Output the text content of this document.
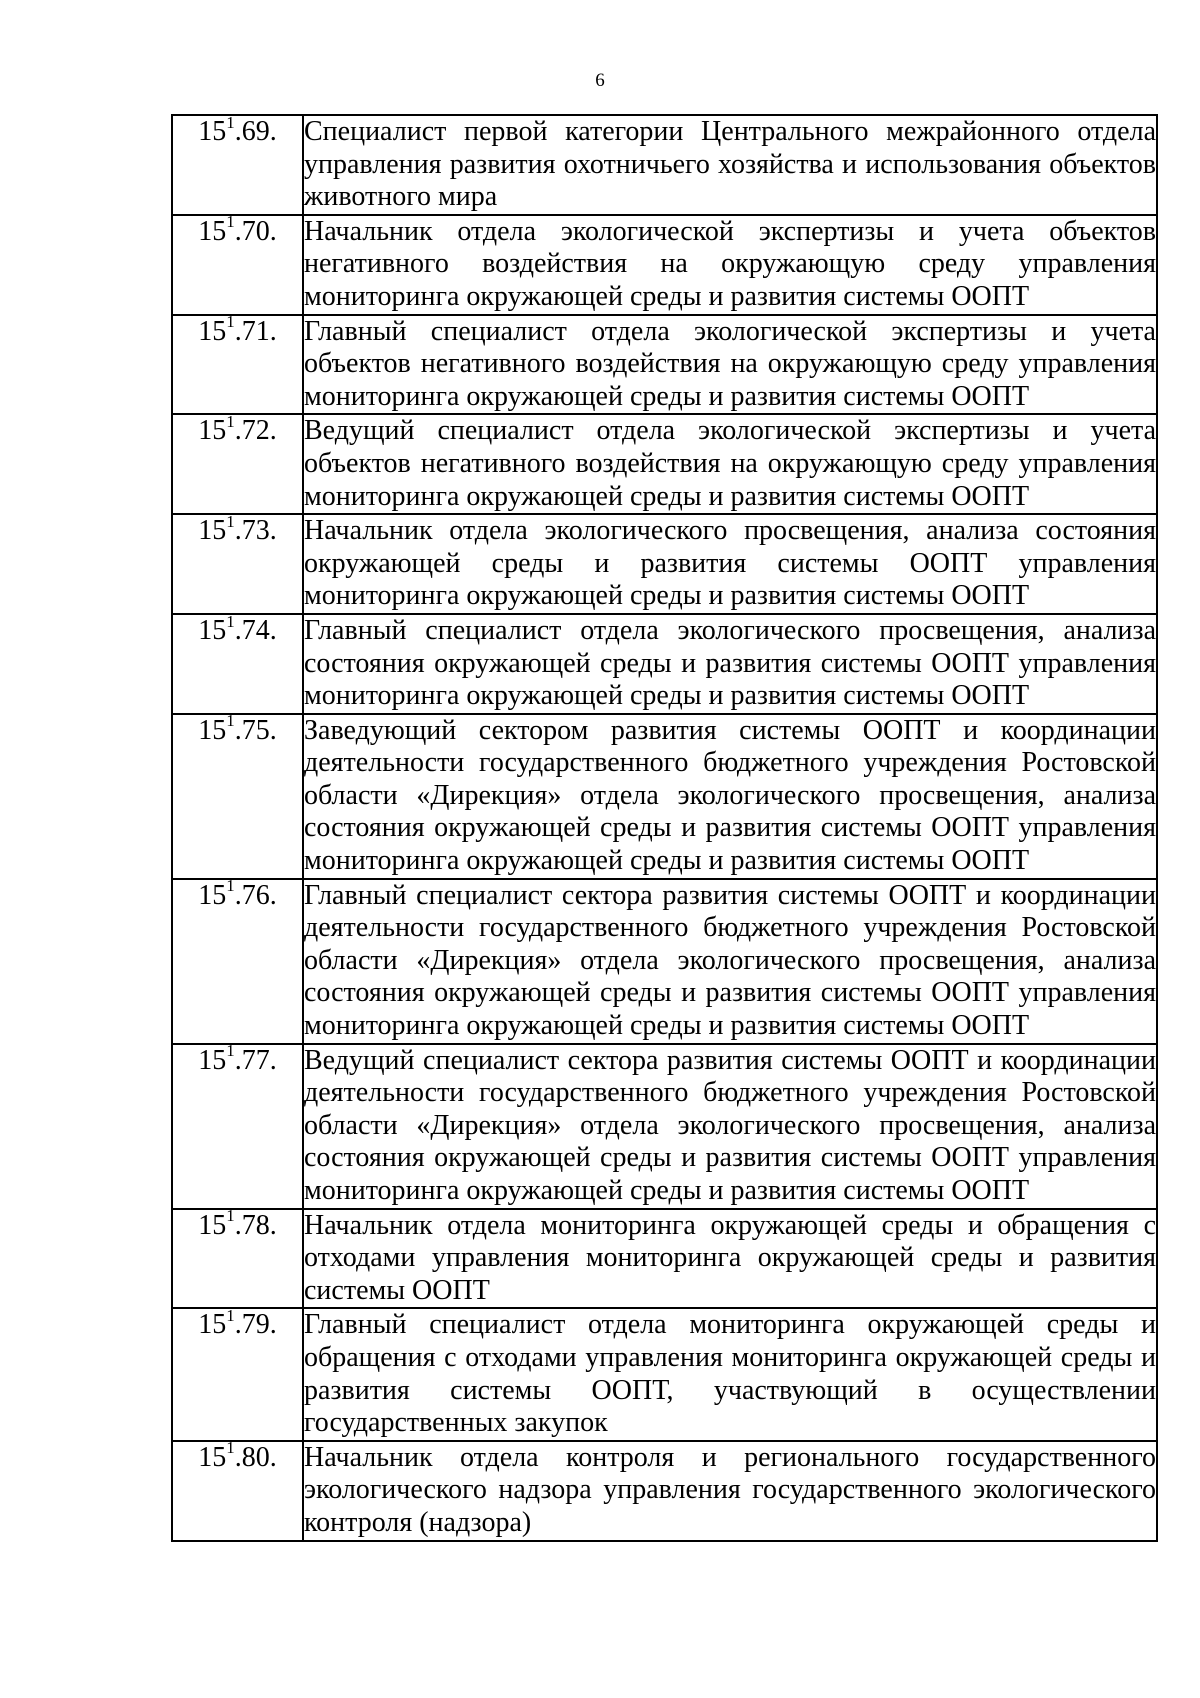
6
$15^1.69$.	Специалист первой категории Центрального межрайонного отдела управления развития охотничьего хозяйства и использования объектов животного мира
$15^1.70$.	Начальник отдела экологической экспертизы и учета объектов негативного воздействия на окружающую среду управления мониторинга окружающей среды и развития системы ООПТ
$15^1.71$.	Главный специалист отдела экологической экспертизы и учета объектов негативного воздействия на окружающую среду управления мониторинга окружающей среды и развития системы ООПТ
$15^1.72$.	Ведущий специалист отдела экологической экспертизы и учета объектов негативного воздействия на окружающую среду управления мониторинга окружающей среды и развития системы ООПТ
$15^1.73$.	Начальник отдела экологического просвещения, анализа состояния окружающей среды и развития системы ООПТ управления мониторинга окружающей среды и развития системы ООПТ
$15^1.74$.	Главный специалист отдела экологического просвещения, анализа состояния окружающей среды и развития системы ООПТ управления мониторинга окружающей среды и развития системы ООПТ
$15^1.75$.	Заведующий сектором развития системы ООПТ и координации деятельности государственного бюджетного учреждения Ростовской области «Дирекция» отдела экологического просвещения, анализа состояния окружающей среды и развития системы ООПТ управления мониторинга окружающей среды и развития системы ООПТ
$15^1.76$.	Главный специалист сектора развития системы ООПТ и координации деятельности государственного бюджетного учреждения Ростовской области «Дирекция» отдела экологического просвещения, анализа состояния окружающей среды и развития системы ООПТ управления мониторинга окружающей среды и развития системы ООПТ
$15^1.77$.	Ведущий специалист сектора развития системы ООПТ и координации деятельности государственного бюджетного учреждения Ростовской области «Дирекция» отдела экологического просвещения, анализа состояния окружающей среды и развития системы ООПТ управления мониторинга окружающей среды и развития системы ООПТ
$15^1.78$.	Начальник отдела мониторинга окружающей среды и обращения с отходами управления мониторинга окружающей среды и развития системы ООПТ
$15^1.79$.	Главный специалист отдела мониторинга окружающей среды и обращения с отходами управления мониторинга окружающей среды и развития системы ООПТ, участвующий в осуществлении государственных закупок
$15^1.80$.	Начальник отдела контроля и регионального государственного экологического надзора управления государственного экологического контроля (надзора)
